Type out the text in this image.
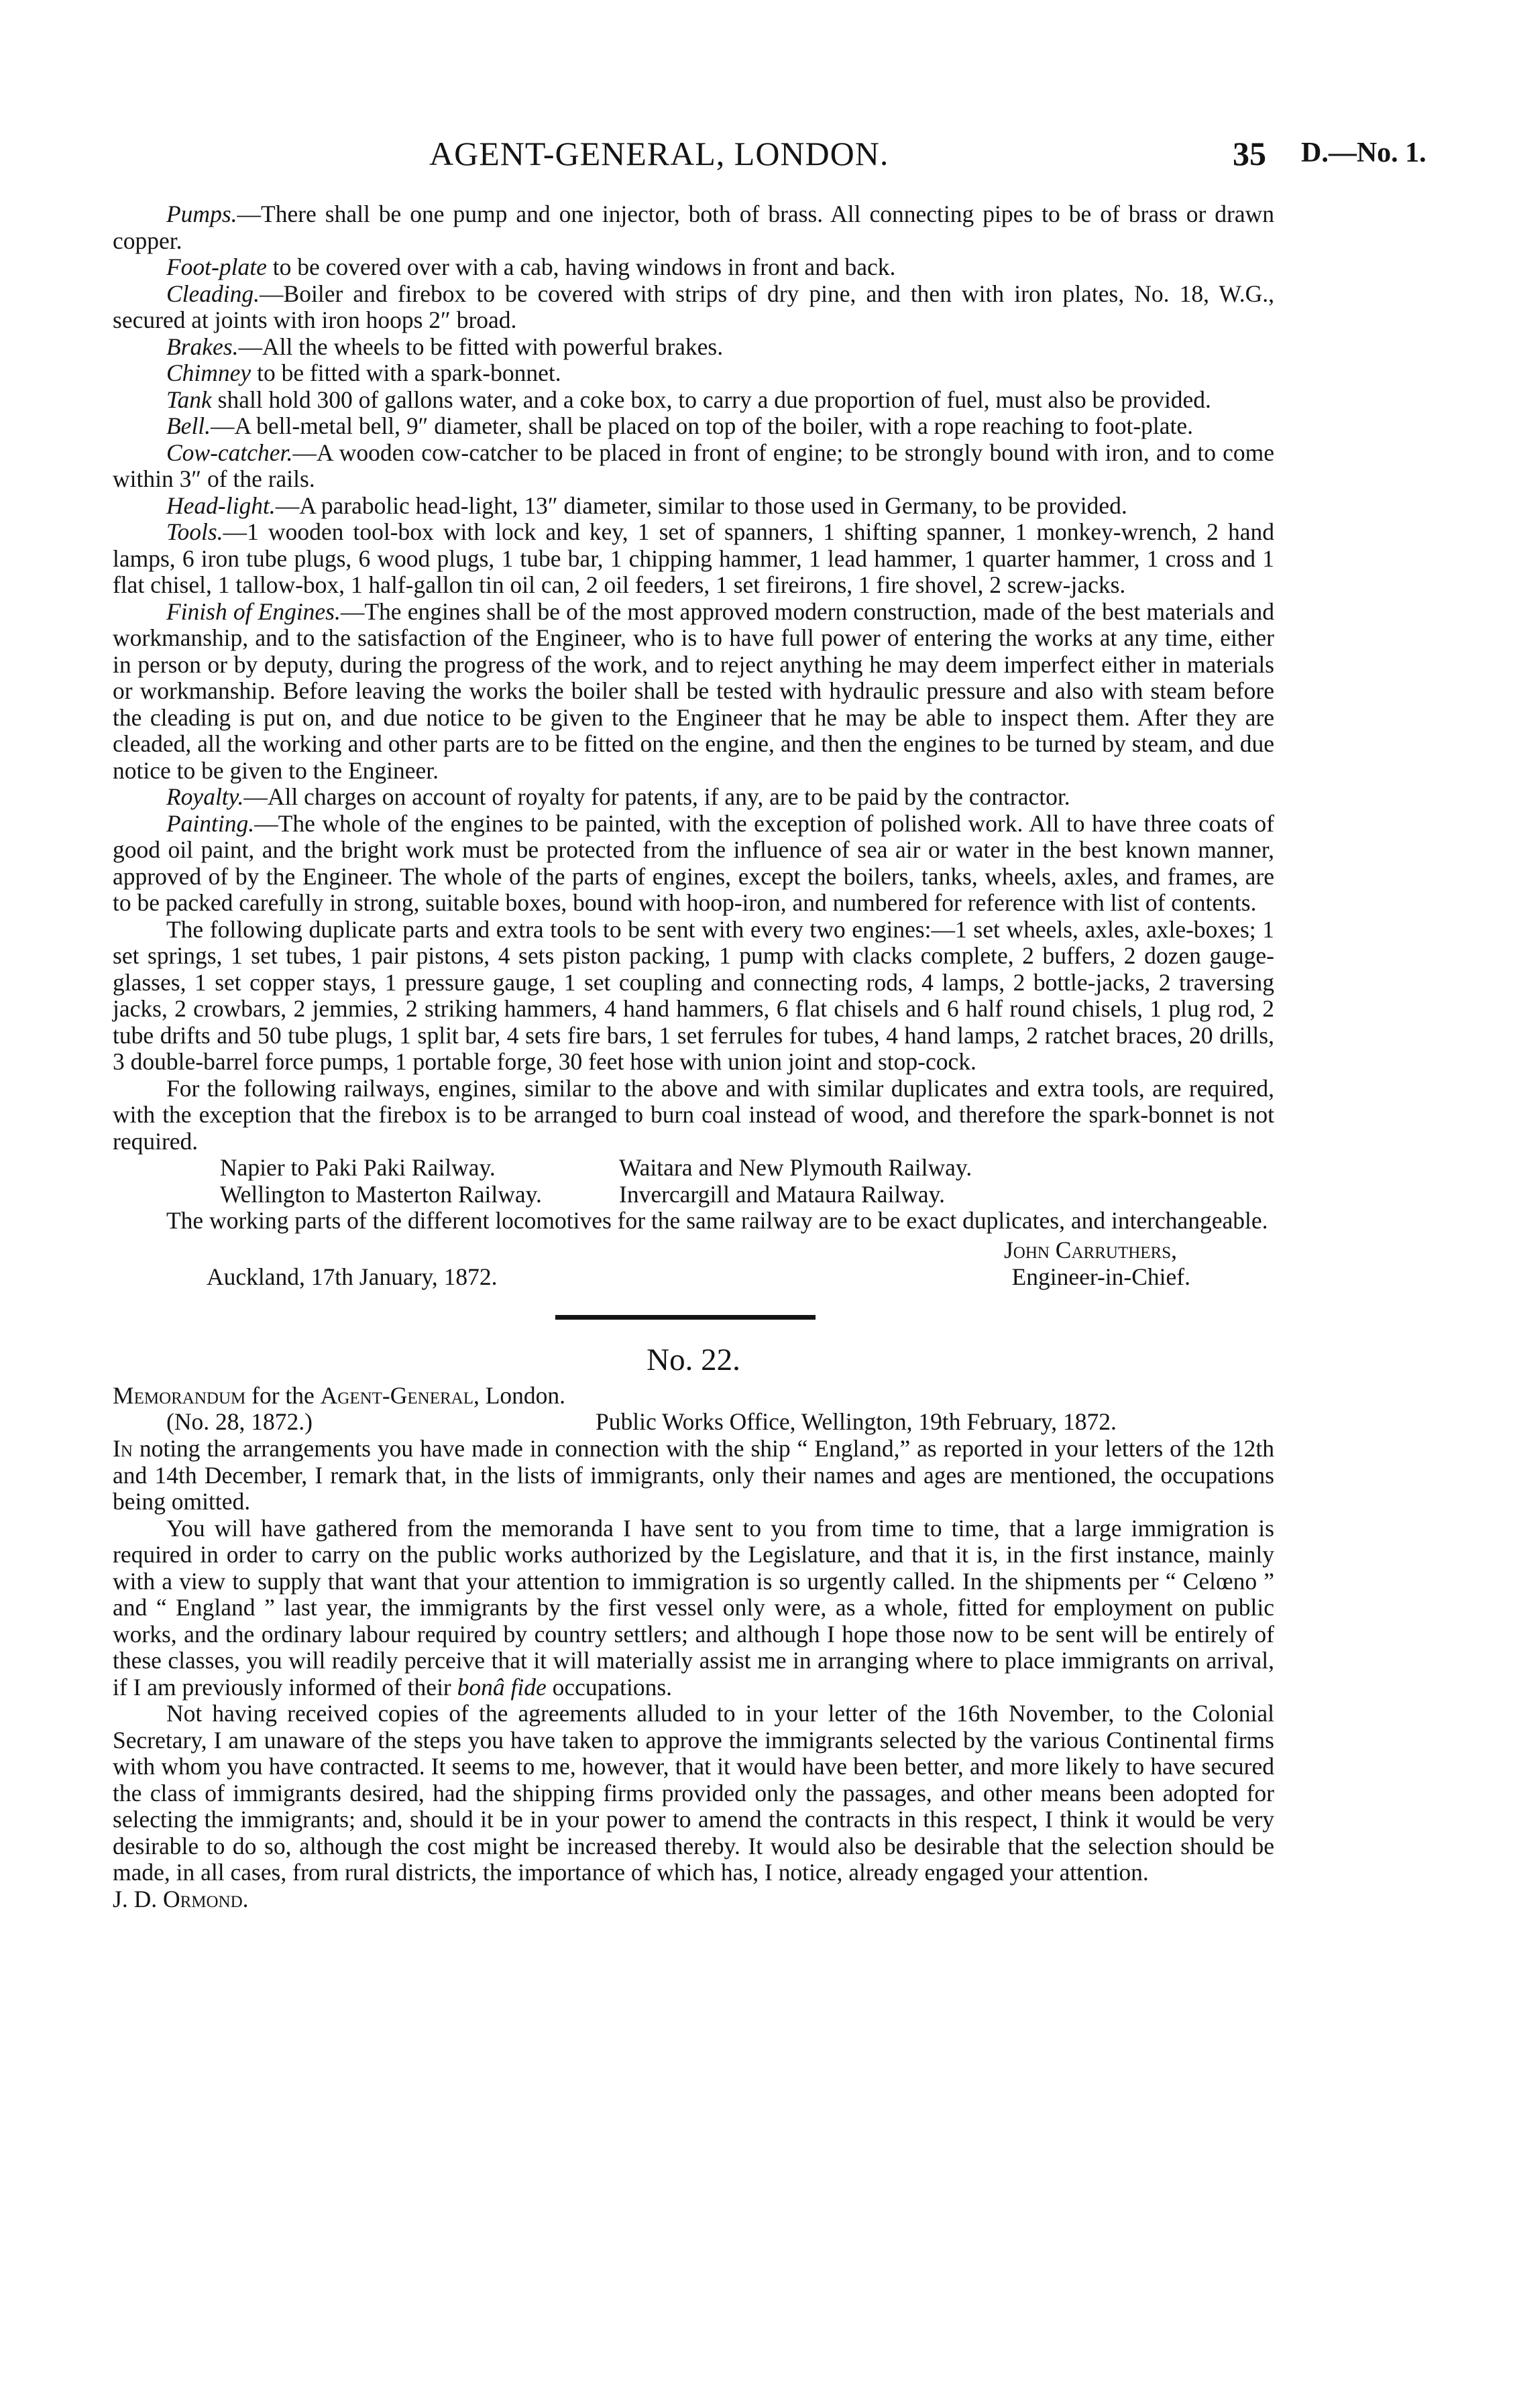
AGENT-GENERAL, LONDON.	35 D.—No. 1.

Pumps.—There shall be one pump and one injector, both of brass. All connecting pipes to be of brass or drawn copper.

Foot-plate to be covered over with a cab, having windows in front and back.

Cleading.—Boiler and firebox to be covered with strips of dry pine, and then with iron plates, No. 18, W.G., secured at joints with iron hoops 2″ broad.

Brakes.—All the wheels to be fitted with powerful brakes.

Chimney to be fitted with a spark-bonnet.

Tank shall hold 300 of gallons water, and a coke box, to carry a due proportion of fuel, must also be provided.

Bell.—A bell-metal bell, 9″ diameter, shall be placed on top of the boiler, with a rope reaching to foot-plate.

Cow-catcher.—A wooden cow-catcher to be placed in front of engine; to be strongly bound with iron, and to come within 3″ of the rails.

Head-light.—A parabolic head-light, 13″ diameter, similar to those used in Germany, to be provided.

Tools.—1 wooden tool-box with lock and key, 1 set of spanners, 1 shifting spanner, 1 monkey-wrench, 2 hand lamps, 6 iron tube plugs, 6 wood plugs, 1 tube bar, 1 chipping hammer, 1 lead hammer, 1 quarter hammer, 1 cross and 1 flat chisel, 1 tallow-box, 1 half-gallon tin oil can, 2 oil feeders, 1 set fireirons, 1 fire shovel, 2 screw-jacks.

Finish of Engines.—The engines shall be of the most approved modern construction, made of the best materials and workmanship, and to the satisfaction of the Engineer, who is to have full power of entering the works at any time, either in person or by deputy, during the progress of the work, and to reject anything he may deem imperfect either in materials or workmanship. Before leaving the works the boiler shall be tested with hydraulic pressure and also with steam before the cleading is put on, and due notice to be given to the Engineer that he may be able to inspect them. After they are cleaded, all the working and other parts are to be fitted on the engine, and then the engines to be turned by steam, and due notice to be given to the Engineer.

Royalty.—All charges on account of royalty for patents, if any, are to be paid by the contractor.

Painting.—The whole of the engines to be painted, with the exception of polished work. All to have three coats of good oil paint, and the bright work must be protected from the influence of sea air or water in the best known manner, approved of by the Engineer. The whole of the parts of engines, except the boilers, tanks, wheels, axles, and frames, are to be packed carefully in strong, suitable boxes, bound with hoop-iron, and numbered for reference with list of contents.

The following duplicate parts and extra tools to be sent with every two engines:—1 set wheels, axles, axle-boxes; 1 set springs, 1 set tubes, 1 pair pistons, 4 sets piston packing, 1 pump with clacks complete, 2 buffers, 2 dozen gauge-glasses, 1 set copper stays, 1 pressure gauge, 1 set coupling and connecting rods, 4 lamps, 2 bottle-jacks, 2 traversing jacks, 2 crowbars, 2 jemmies, 2 striking hammers, 4 hand hammers, 6 flat chisels and 6 half round chisels, 1 plug rod, 2 tube drifts and 50 tube plugs, 1 split bar, 4 sets fire bars, 1 set ferrules for tubes, 4 hand lamps, 2 ratchet braces, 20 drills, 3 double-barrel force pumps, 1 portable forge, 30 feet hose with union joint and stop-cock.

For the following railways, engines, similar to the above and with similar duplicates and extra tools, are required, with the exception that the firebox is to be arranged to burn coal instead of wood, and therefore the spark-bonnet is not required.

Napier to Paki Paki Railway.	Waitara and New Plymouth Railway.
Wellington to Masterton Railway.	Invercargill and Mataura Railway.

The working parts of the different locomotives for the same railway are to be exact duplicates, and interchangeable.

John Carruthers,
Engineer-in-Chief.
Auckland, 17th January, 1872.
No. 22.

Memorandum for the Agent-General, London.

(No. 28, 1872.)	Public Works Office, Wellington, 19th February, 1872.

In noting the arrangements you have made in connection with the ship “ England,” as reported in your letters of the 12th and 14th December, I remark that, in the lists of immigrants, only their names and ages are mentioned, the occupations being omitted.

You will have gathered from the memoranda I have sent to you from time to time, that a large immigration is required in order to carry on the public works authorized by the Legislature, and that it is, in the first instance, mainly with a view to supply that want that your attention to immigration is so urgently called. In the shipments per “ Celœno ” and “ England ” last year, the immigrants by the first vessel only were, as a whole, fitted for employment on public works, and the ordinary labour required by country settlers; and although I hope those now to be sent will be entirely of these classes, you will readily perceive that it will materially assist me in arranging where to place immigrants on arrival, if I am previously informed of their bonâ fide occupations.

Not having received copies of the agreements alluded to in your letter of the 16th November, to the Colonial Secretary, I am unaware of the steps you have taken to approve the immigrants selected by the various Continental firms with whom you have contracted. It seems to me, however, that it would have been better, and more likely to have secured the class of immigrants desired, had the shipping firms provided only the passages, and other means been adopted for selecting the immigrants; and, should it be in your power to amend the contracts in this respect, I think it would be very desirable to do so, although the cost might be increased thereby. It would also be desirable that the selection should be made, in all cases, from rural districts, the importance of which has, I notice, already engaged your attention.

J. D. Ormond.
